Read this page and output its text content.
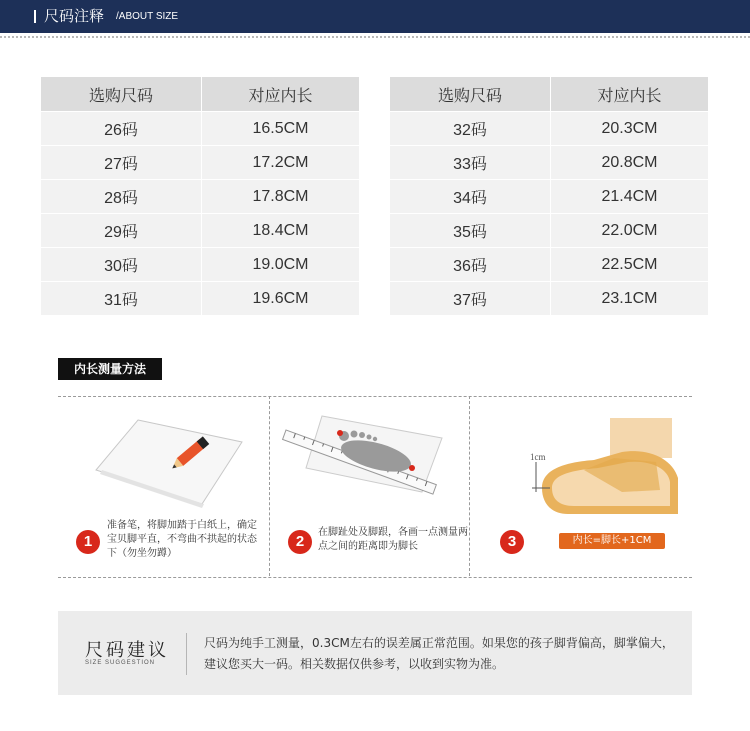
尺码注释 /ABOUT SIZE
选购尺码	对应内长
26码	16.5CM
27码	17.2CM
28码	17.8CM
29码	18.4CM
30码	19.0CM
31码	19.6CM
选购尺码	对应内长
32码	20.3CM
33码	20.8CM
34码	21.4CM
35码	22.0CM
36码	22.5CM
37码	23.1CM
内长测量方法
1
准备笔，将脚加踏于白纸上，确定宝贝脚平直，不弯曲不拱起的状态下（勿坐勿蹲）
2
在脚趾处及脚跟，各画一点测量两点之间的距离即为脚长
1cm
3	内长=脚长+1CM
尺码建议
SIZE SUGGESTION
尺码为纯手工测量，0.3CM左右的误差属正常范围。如果您的孩子脚背偏高，脚掌偏大，建议您买大一码。相关数据仅供参考，以收到实物为准。
